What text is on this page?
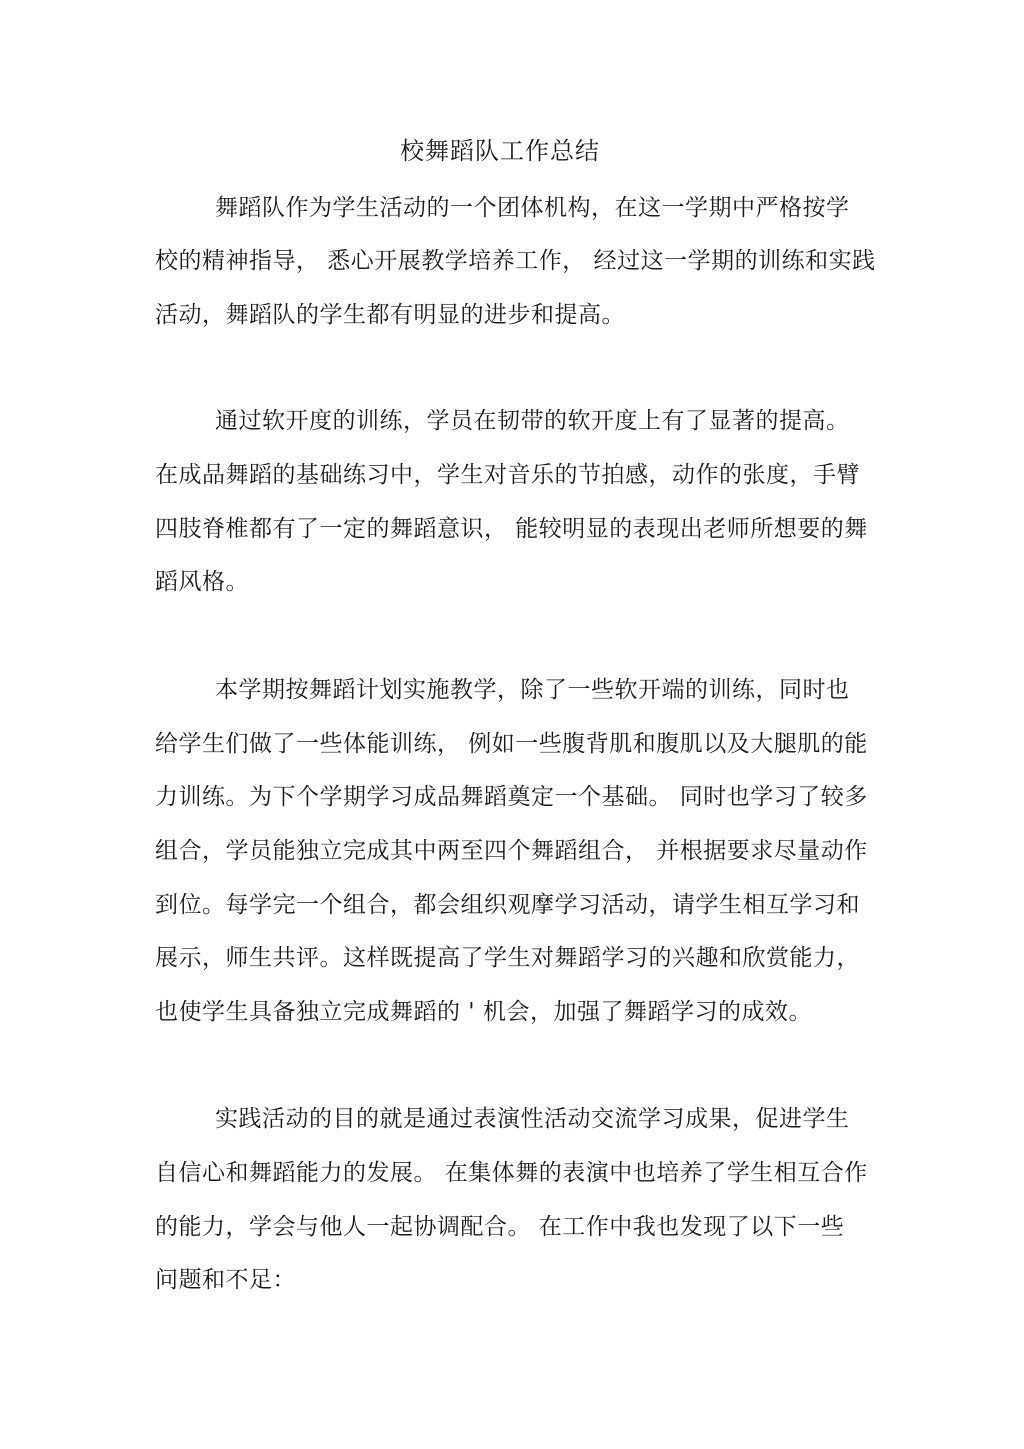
校舞蹈队工作总结

舞蹈队作为学生活动的一个团体机构，在这一学期中严格按学

校的精神指导， 悉心开展教学培养工作， 经过这一学期的训练和实践

活动，舞蹈队的学生都有明显的进步和提高。

通过软开度的训练，学员在韧带的软开度上有了显著的提高。

在成品舞蹈的基础练习中，学生对音乐的节拍感，动作的张度，手臂

四肢脊椎都有了一定的舞蹈意识， 能较明显的表现出老师所想要的舞

蹈风格。

本学期按舞蹈计划实施教学，除了一些软开端的训练，同时也

给学生们做了一些体能训练， 例如一些腹背肌和腹肌以及大腿肌的能

力训练。为下个学期学习成品舞蹈奠定一个基础。 同时也学习了较多

组合，学员能独立完成其中两至四个舞蹈组合， 并根据要求尽量动作

到位。每学完一个组合，都会组织观摩学习活动，请学生相互学习和

展示，师生共评。这样既提高了学生对舞蹈学习的兴趣和欣赏能力，

也使学生具备独立完成舞蹈的 ' 机会，加强了舞蹈学习的成效。

实践活动的目的就是通过表演性活动交流学习成果，促进学生

自信心和舞蹈能力的发展。 在集体舞的表演中也培养了学生相互合作

的能力，学会与他人一起协调配合。 在工作中我也发现了以下一些

问题和不足：
